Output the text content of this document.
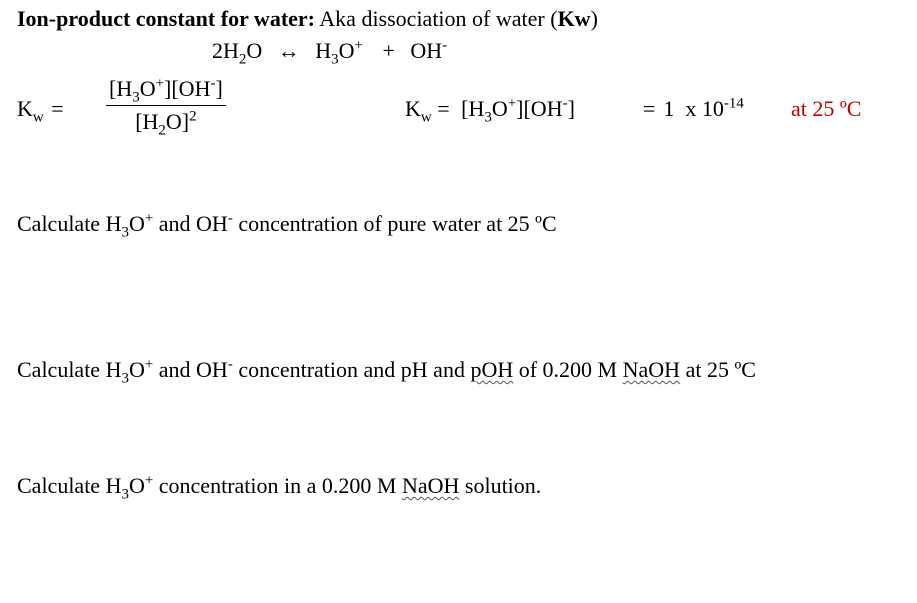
Ion-product constant for water: Aka dissociation of water (Kw)
$2H_2O$ ↔ $H_3O^+ + OH^-$
$K_w$ =
$[H_3O^+][OH^-]$
$[H_2O]^2$	$K_w = [H_3O^+][OH^-]$	= 1  x $10^{-14}$ at 25 ºC
Calculate $H_3O^+$ and OH- concentration of pure water at 25 ºC
Calculate $H_3O^+$ and OH- concentration and pH and pOH of 0.200 M NaOH at 25 ºC
Calculate $H_3O^+$ concentration in a 0.200 M NaOH solution.
